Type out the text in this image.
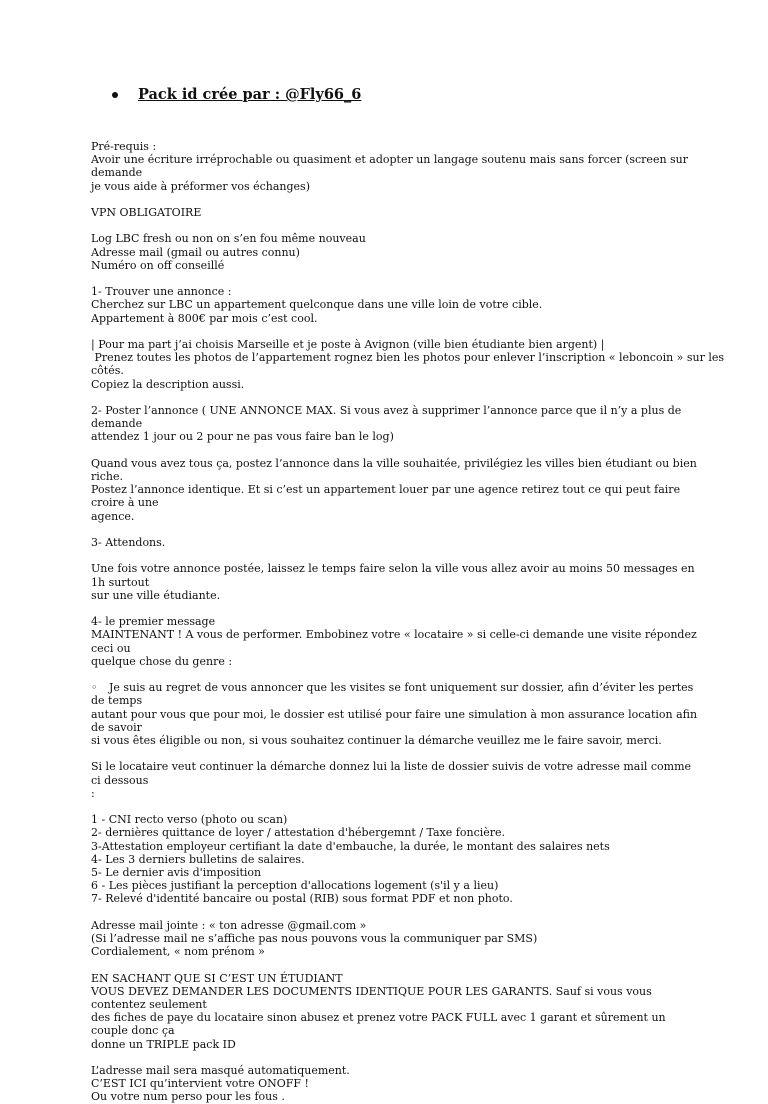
Pack id crée par : @Fly66_6

Pré-requis :

Avoir une écriture irréprochable ou quasiment et adopter un langage soutenu mais sans forcer (screen sur demande

je vous aide à préformer vos échanges)

VPN OBLIGATOIRE

Log LBC fresh ou non on s’en fou même nouveau

Adresse mail (gmail ou autres connu)

Numéro on off conseillé

1- Trouver une annonce :

Cherchez sur LBC un appartement quelconque dans une ville loin de votre cible.

Appartement à 800€ par mois c’est cool.

| Pour ma part j’ai choisis Marseille et je poste à Avignon (ville bien étudiante bien argent) |

Prenez toutes les photos de l’appartement rognez bien les photos pour enlever l’inscription « leboncoin » sur les

côtés.

Copiez la description aussi.

2- Poster l’annonce ( UNE ANNONCE MAX. Si vous avez à supprimer l’annonce parce que il n’y a plus de demande

attendez 1 jour ou 2 pour ne pas vous faire ban le log)

Quand vous avez tous ça, postez l’annonce dans la ville souhaitée, privilégiez les villes bien étudiant ou bien riche.

Postez l’annonce identique. Et si c’est un appartement louer par une agence retirez tout ce qui peut faire croire à une

agence.

3- Attendons.

Une fois votre annonce postée, laissez le temps faire selon la ville vous allez avoir au moins 50 messages en 1h surtout

sur une ville étudiante.

4- le premier message

MAINTENANT ! A vous de performer. Embobinez votre « locataire » si celle-ci demande une visite répondez ceci ou

quelque chose du genre :

◦ Je suis au regret de vous annoncer que les visites se font uniquement sur dossier, afin d’éviter les pertes de temps

autant pour vous que pour moi, le dossier est utilisé pour faire une simulation à mon assurance location afin de savoir

si vous êtes éligible ou non, si vous souhaitez continuer la démarche veuillez me le faire savoir, merci.

Si le locataire veut continuer la démarche donnez lui la liste de dossier suivis de votre adresse mail comme ci dessous

:

1 - CNI recto verso (photo ou scan)

2- dernières quittance de loyer / attestation d'hébergemnt / Taxe foncière.

3-Attestation employeur certifiant la date d'embauche, la durée, le montant des salaires nets

4- Les 3 derniers bulletins de salaires.

5- Le dernier avis d'imposition

6 - Les pièces justifiant la perception d'allocations logement (s'il y a lieu)

7- Relevé d'identité bancaire ou postal (RIB) sous format PDF et non photo.

Adresse mail jointe : « ton adresse @gmail.com »

(Si l’adresse mail ne s’affiche pas nous pouvons vous la communiquer par SMS)

Cordialement, « nom prénom »

EN SACHANT QUE SI C’EST UN ÉTUDIANT

VOUS DEVEZ DEMANDER LES DOCUMENTS IDENTIQUE POUR LES GARANTS. Sauf si vous vous contentez seulement

des fiches de paye du locataire sinon abusez et prenez votre PACK FULL avec 1 garant et sûrement un couple donc ça

donne un TRIPLE pack ID

L’adresse mail sera masqué automatiquement.

C’EST ICI qu’intervient votre ONOFF !

Ou votre num perso pour les fous .
